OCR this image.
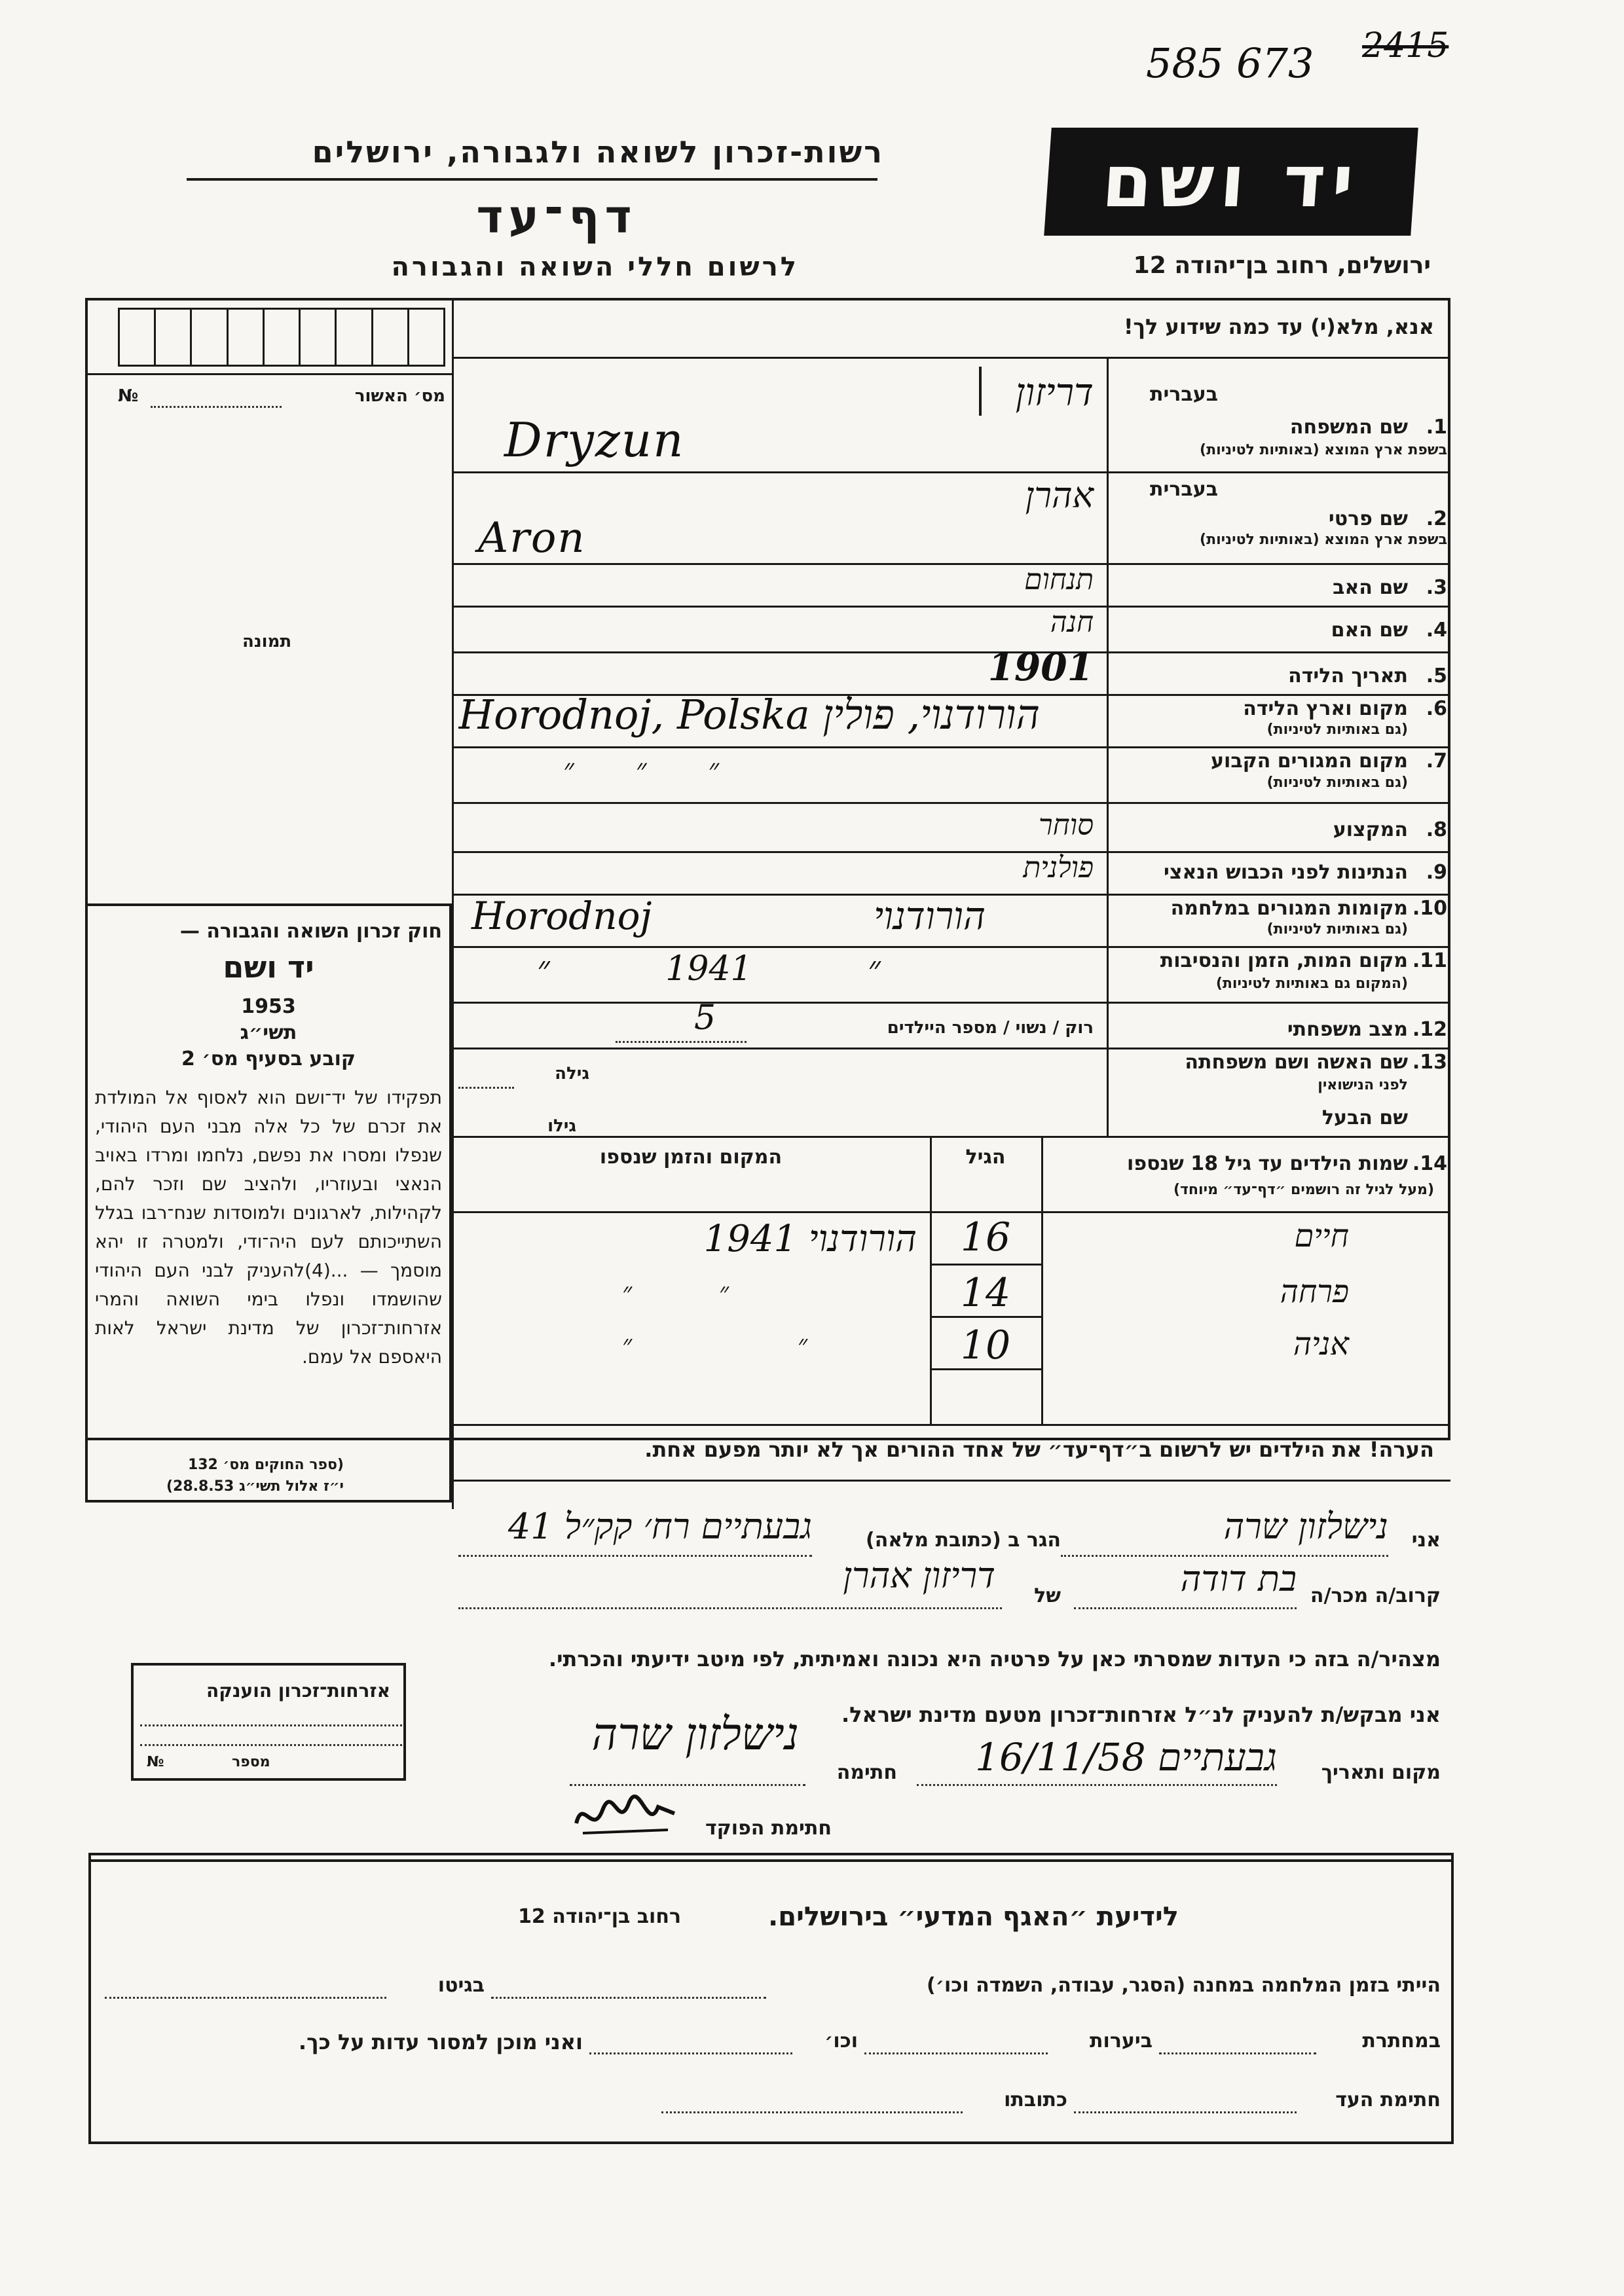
585 673 2415
רשות-זכרון לשואה ולגבורה, ירושלים
דף־עד
לרשום חללי השואה והגבורה
יד ושם
ירושלים, רחוב בן־יהודה 12
אנא, מלא(י) עד כמה שידוע לך!
מס׳ האשור
№
תמונה
חוק זכרון השואה והגבורה —
יד ושם
1953
תשי״ג
קובע בסעיף מס׳ 2
תפקידו של יד־ושם הוא לאסוף אל המולדת את זכרם של כל אלה מבני העם היהודי, שנפלו ומסרו את נפשם, נלחמו ומרדו באויב הנאצי ובעוזריו, ולהציב שם וזכר להם, לקהילות, לארגונים ולמוסדות שנח־רבו בגלל השתייכותם לעם היה־ודי, ולמטרה זו יהא מוסמך — ...(4)להעניק לבני העם היהודי שהושמדו ונפלו בימי השואה והמרי אזרחות־זכרון של מדינת ישראל לאות היאספם אל עמם.
(ספר החוקים מס׳ 132
י״ז אלול תשי״ג 28.8.53)
1.
בעברית
שם המשפחה
בשפת ארץ המוצא (באותיות לטיניות)
דריזון
Dryzun
2.
בעברית
שם פרטי
בשפת ארץ המוצא (באותיות לטיניות)
אהרן
Aron
3.
שם האב
תנחום
4.
שם האם
חנה
5.
תאריך הלידה
1901
6.
מקום וארץ הלידה
(גם באותיות לטיניות)
Horodnoj, Polska הורודנוי, פולין
7.
מקום המגורים הקבוע
(גם באותיות לטיניות)
״ ״ ״
8.
המקצוע
סוחר
9.
הנתינות לפני הכבוש הנאצי
פולנית
10.
מקומות המגורים במלחמה
(גם באותיות לטיניות)
Horodnoj הורודנוי
11.
מקום המות, הזמן והנסיבות
(המקום גם באותיות לטיניות)
״ 1941 ״
12.
מצב משפחתי
רוק / נשוי / מספר היילדים
5
13.
שם האשה ושם משפחתה
לפני הנישואין
גילה
שם הבעל
גילו
14.
שמות הילדים עד גיל 18 שנספו
(מעל לגיל זה רושמים ״דף־עד״ מיוחד)
הגיל
המקום והזמן שנספו
חיים
16
הורודנוי 1941
פרחה
14
״ ״
אניה
10
״ ״
הערה! את הילדים יש לרשום ב״דף־עד״ של אחד ההורים אך לא יותר מפעם אחת.
אני
נישלזון שרה
הגר ב (כתובת מלאה)
גבעתיים רח׳ קק״ל 41
קרוב/ה מכר/ה
בת דודה
של
דריזון אהרן
מצהיר/ה בזה כי העדות שמסרתי כאן על פרטיה היא נכונה ואמיתית, לפי מיטב ידיעתי והכרתי.
אני מבקש/ת להעניק לנ״ל אזרחות־זכרון מטעם מדינת ישראל.
מקום ותאריך
גבעתיים 16/11/58
חתימה
נישלזון שרה
חתימת הפוקד
אזרחות־זכרון הוענקה
מספר
№
לידיעת ״האגף המדעי״ בירושלים.
רחוב בן־יהודה 12
הייתי בזמן המלחמה במחנה (הסגר, עבודה, השמדה וכו׳)
בגיטו
במחתרת
ביערות
וכו׳
ואני מוכן למסור עדות על כך.
חתימת העד
כתובתו
